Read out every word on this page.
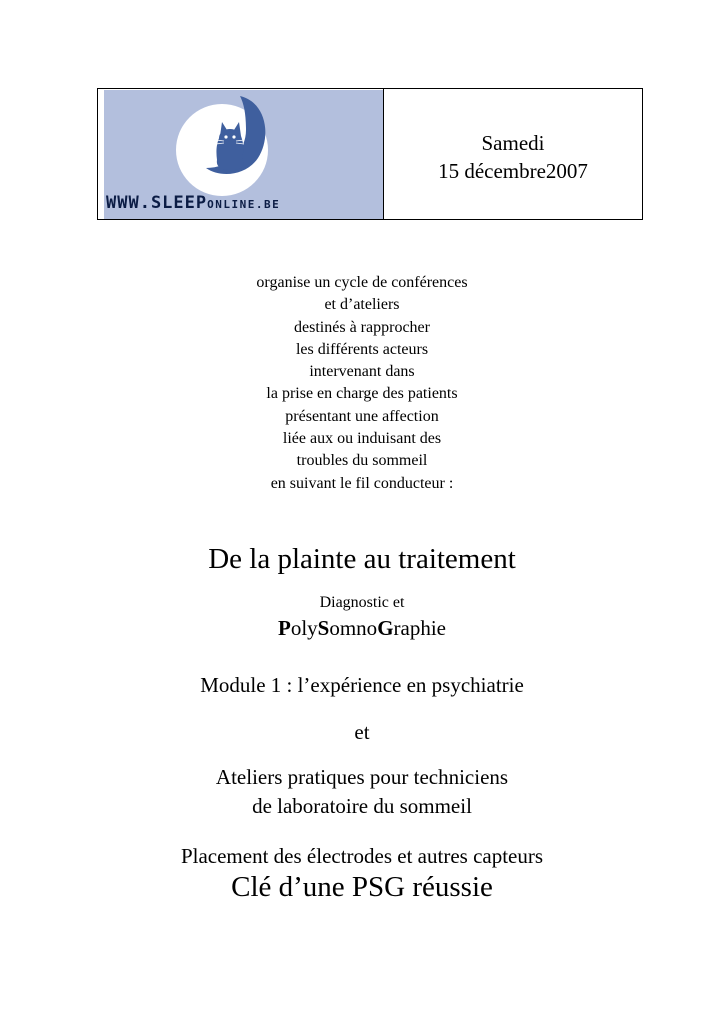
WWW.SLEEPONLINE.BE
Samedi
15 décembre2007
organise un cycle de conférences
et d’ateliers
destinés à rapprocher
les différents acteurs
intervenant dans
la prise en charge des patients
présentant une affection
liée aux ou induisant des
troubles du sommeil
en suivant le fil conducteur :
De la plainte au traitement
Diagnostic et
PolySomnoGraphie
Module 1 : l’expérience en psychiatrie
et
Ateliers pratiques pour techniciens
de laboratoire du sommeil
Placement des électrodes et autres capteurs
Clé d’une PSG réussie
